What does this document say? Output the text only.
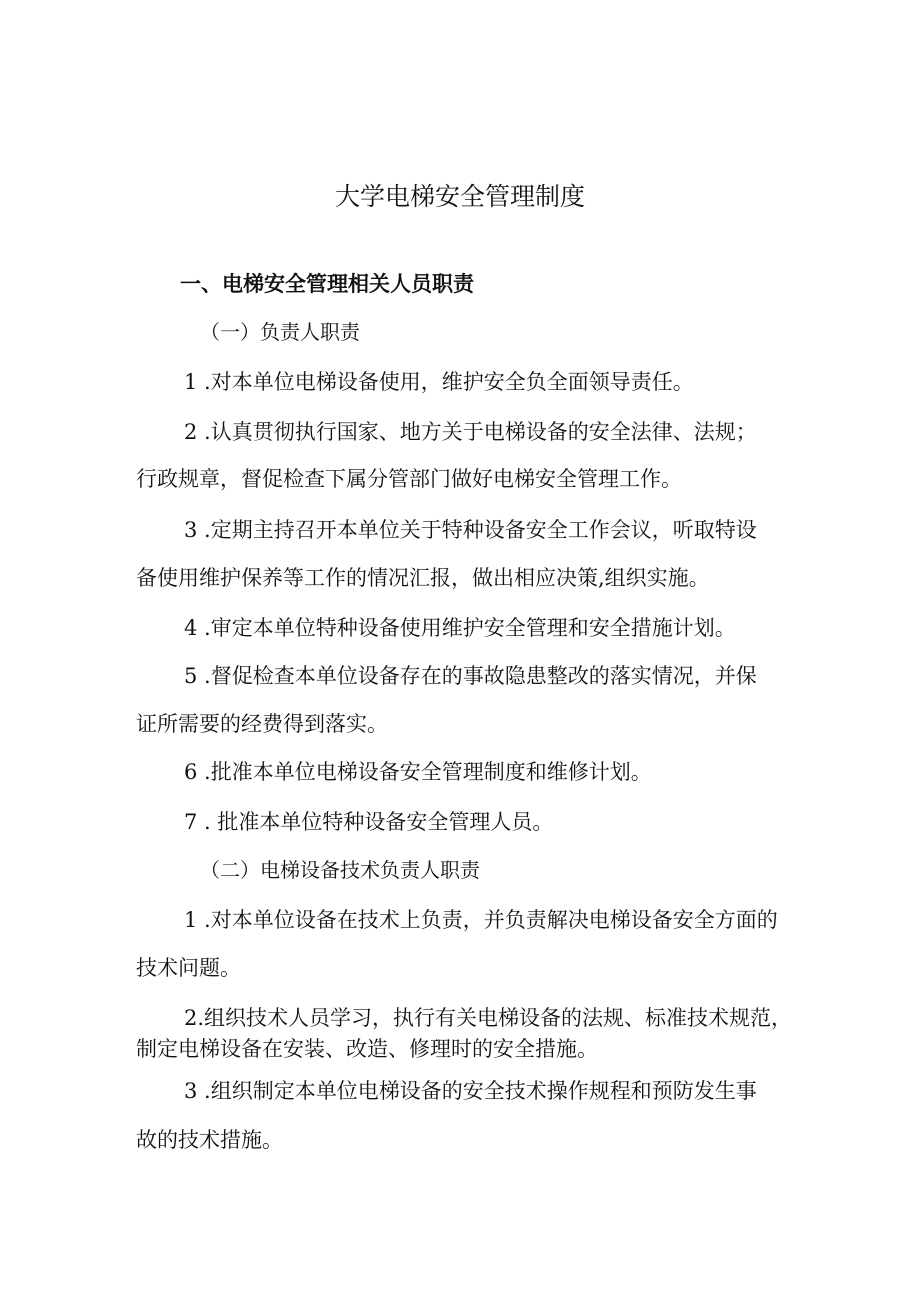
大学电梯安全管理制度

一、电梯安全管理相关人员职责

（一）负责人职责

1 .对本单位电梯设备使用，维护安全负全面领导责任。

2 .认真贯彻执行国家、地方关于电梯设备的安全法律、法规；

行政规章，督促检查下属分管部门做好电梯安全管理工作。

3 .定期主持召开本单位关于特种设备安全工作会议，听取特设

备使用维护保养等工作的情况汇报，做出相应决策,组织实施。

4 .审定本单位特种设备使用维护安全管理和安全措施计划。

5 .督促检查本单位设备存在的事故隐患整改的落实情况，并保

证所需要的经费得到落实。

6 .批准本单位电梯设备安全管理制度和维修计划。

7 . 批准本单位特种设备安全管理人员。

（二）电梯设备技术负责人职责

1 .对本单位设备在技术上负责，并负责解决电梯设备安全方面的

技术问题。

2.组织技术人员学习，执行有关电梯设备的法规、标准技术规范，

制定电梯设备在安装、改造、修理时的安全措施。

3 .组织制定本单位电梯设备的安全技术操作规程和预防发生事

故的技术措施。
